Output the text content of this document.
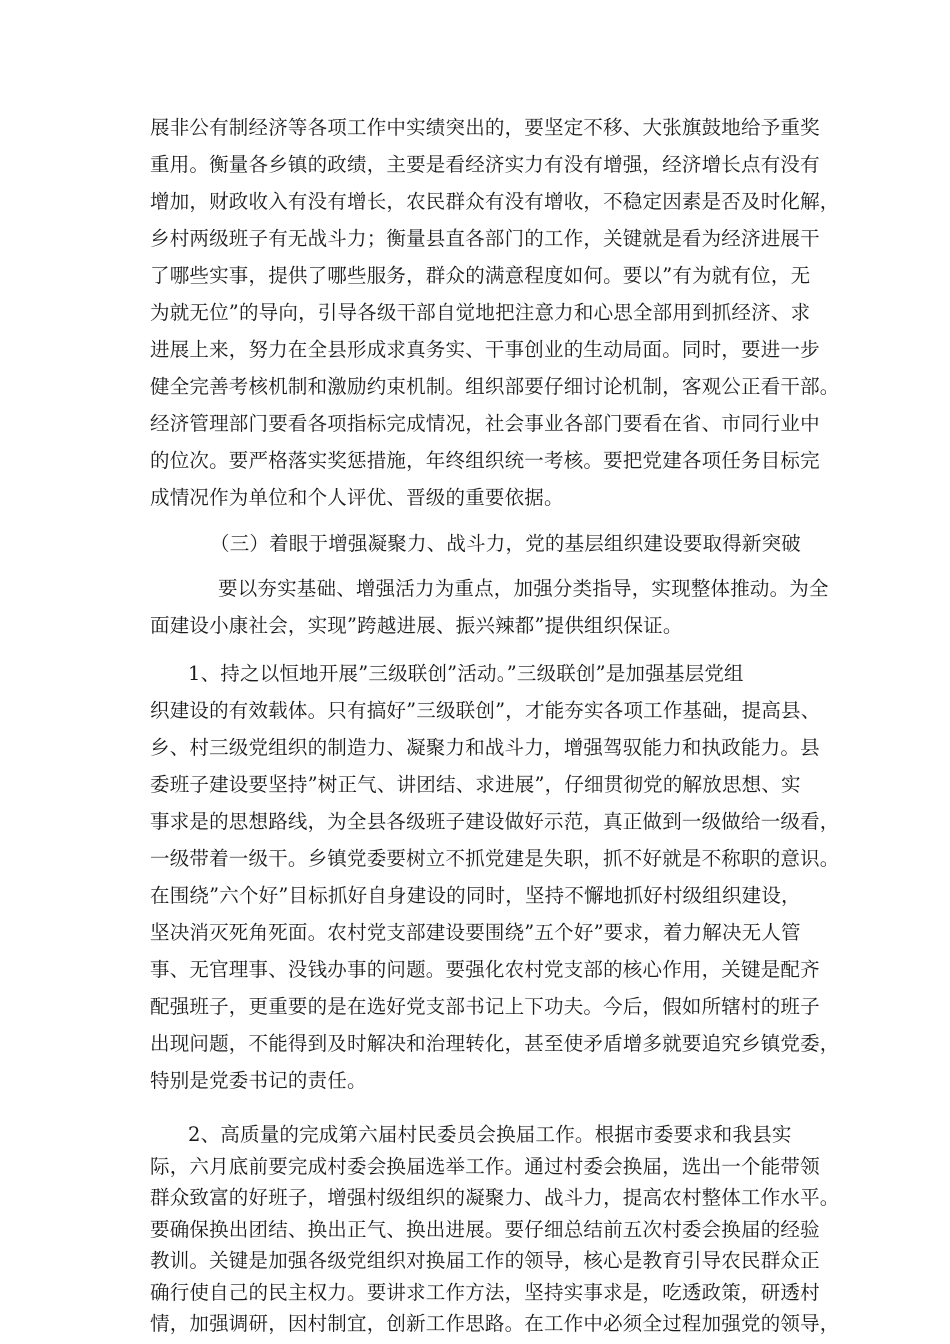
展非公有制经济等各项工作中实绩突出的，要坚定不移、大张旗鼓地给予重奖
重用。衡量各乡镇的政绩，主要是看经济实力有没有增强，经济增长点有没有
增加，财政收入有没有增长，农民群众有没有增收，不稳定因素是否及时化解，
乡村两级班子有无战斗力；衡量县直各部门的工作，关键就是看为经济进展干
了哪些实事，提供了哪些服务，群众的满意程度如何。要以”有为就有位，无
为就无位”的导向，引导各级干部自觉地把注意力和心思全部用到抓经济、求
进展上来，努力在全县形成求真务实、干事创业的生动局面。同时，要进一步
健全完善考核机制和激励约束机制。组织部要仔细讨论机制，客观公正看干部。
经济管理部门要看各项指标完成情况，社会事业各部门要看在省、市同行业中
的位次。要严格落实奖惩措施，年终组织统一考核。要把党建各项任务目标完
成情况作为单位和个人评优、晋级的重要依据。
（三）着眼于增强凝聚力、战斗力，党的基层组织建设要取得新突破
要以夯实基础、增强活力为重点，加强分类指导，实现整体推动。为全
面建设小康社会，实现”跨越进展、振兴辣都”提供组织保证。
1、持之以恒地开展”三级联创”活动。”三级联创”是加强基层党组
织建设的有效载体。只有搞好”三级联创”，才能夯实各项工作基础，提高县、
乡、村三级党组织的制造力、凝聚力和战斗力，增强驾驭能力和执政能力。县
委班子建设要坚持”树正气、讲团结、求进展”，仔细贯彻党的解放思想、实
事求是的思想路线，为全县各级班子建设做好示范，真正做到一级做给一级看，
一级带着一级干。乡镇党委要树立不抓党建是失职，抓不好就是不称职的意识。
在围绕”六个好”目标抓好自身建设的同时，坚持不懈地抓好村级组织建设，
坚决消灭死角死面。农村党支部建设要围绕”五个好”要求，着力解决无人管
事、无官理事、没钱办事的问题。要强化农村党支部的核心作用，关键是配齐
配强班子，更重要的是在选好党支部书记上下功夫。今后，假如所辖村的班子
出现问题，不能得到及时解决和治理转化，甚至使矛盾增多就要追究乡镇党委，
特别是党委书记的责任。
2、高质量的完成第六届村民委员会换届工作。根据市委要求和我县实
际，六月底前要完成村委会换届选举工作。通过村委会换届，选出一个能带领
群众致富的好班子，增强村级组织的凝聚力、战斗力，提高农村整体工作水平。
要确保换出团结、换出正气、换出进展。要仔细总结前五次村委会换届的经验
教训。关键是加强各级党组织对换届工作的领导，核心是教育引导农民群众正
确行使自己的民主权力。要讲求工作方法，坚持实事求是，吃透政策，研透村
情，加强调研，因村制宜，创新工作思路。在工作中必须全过程加强党的领导，
